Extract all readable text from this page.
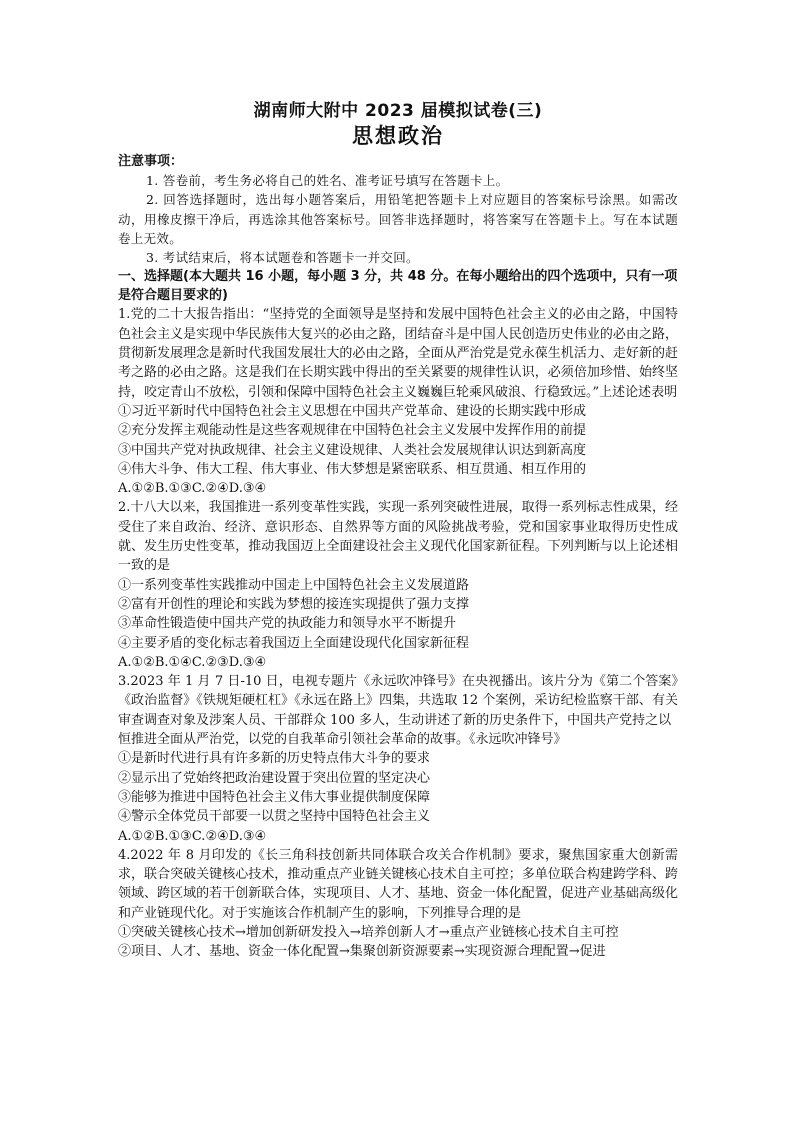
湖南师大附中 2023 届模拟试卷(三)

思想政治

注意事项：

1. 答卷前，考生务必将自己的姓名、准考证号填写在答题卡上。

2. 回答选择题时，选出每小题答案后，用铅笔把答题卡上对应题目的答案标号涂黑。如需改动，用橡皮擦干净后，再选涂其他答案标号。回答非选择题时，将答案写在答题卡上。写在本试题卷上无效。

3. 考试结束后，将本试题卷和答题卡一并交回。

一、选择题(本大题共 16 小题，每小题 3 分，共 48 分。在每小题给出的四个选项中，只有一项是符合题目要求的)

1.党的二十大报告指出：“坚持党的全面领导是坚持和发展中国特色社会主义的必由之路，中国特色社会主义是实现中华民族伟大复兴的必由之路，团结奋斗是中国人民创造历史伟业的必由之路，贯彻新发展理念是新时代我国发展壮大的必由之路，全面从严治党是党永葆生机活力、走好新的赶考之路的必由之路。这是我们在长期实践中得出的至关紧要的规律性认识，必须倍加珍惜、始终坚持，咬定青山不放松，引领和保障中国特色社会主义巍巍巨轮乘风破浪、行稳致远。”上述论述表明

①习近平新时代中国特色社会主义思想在中国共产党革命、建设的长期实践中形成

②充分发挥主观能动性是这些客观规律在中国特色社会主义发展中发挥作用的前提

③中国共产党对执政规律、社会主义建设规律、人类社会发展规律认识达到新高度

④伟大斗争、伟大工程、伟大事业、伟大梦想是紧密联系、相互贯通、相互作用的

A.①②B.①③C.②④D.③④

2.十八大以来，我国推进一系列变革性实践，实现一系列突破性进展，取得一系列标志性成果，经受住了来自政治、经济、意识形态、自然界等方面的风险挑战考验，党和国家事业取得历史性成就、发生历史性变革，推动我国迈上全面建设社会主义现代化国家新征程。下列判断与以上论述相一致的是

①一系列变革性实践推动中国走上中国特色社会主义发展道路

②富有开创性的理论和实践为梦想的接连实现提供了强力支撑

③革命性锻造使中国共产党的执政能力和领导水平不断提升

④主要矛盾的变化标志着我国迈上全面建设现代化国家新征程

A.①②B.①④C.②③D.③④

3.2023 年 1 月 7 日-10 日，电视专题片《永远吹冲锋号》在央视播出。该片分为《第二个答案》《政治监督》《铁规矩硬杠杠》《永远在路上》四集，共选取 12 个案例，采访纪检监察干部、有关审查调查对象及涉案人员、干部群众 100 多人，生动讲述了新的历史条件下，中国共产党持之以

恒推进全面从严治党，以党的自我革命引领社会革命的故事。《永远吹冲锋号》

①是新时代进行具有许多新的历史特点伟大斗争的要求

②显示出了党始终把政治建设置于突出位置的坚定决心

③能够为推进中国特色社会主义伟大事业提供制度保障

④警示全体党员干部要一以贯之坚持中国特色社会主义

A.①②B.①③C.②④D.③④

4.2022 年 8 月印发的《长三角科技创新共同体联合攻关合作机制》要求，聚焦国家重大创新需求，联合突破关键核心技术，推动重点产业链关键核心技术自主可控；多单位联合构建跨学科、跨领域、跨区域的若干创新联合体，实现项目、人才、基地、资金一体化配置，促进产业基础高级化和产业链现代化。对于实施该合作机制产生的影响，下列推导合理的是

①突破关键核心技术→增加创新研发投入→培养创新人才→重点产业链核心技术自主可控

②项目、人才、基地、资金一体化配置→集聚创新资源要素→实现资源合理配置→促进
